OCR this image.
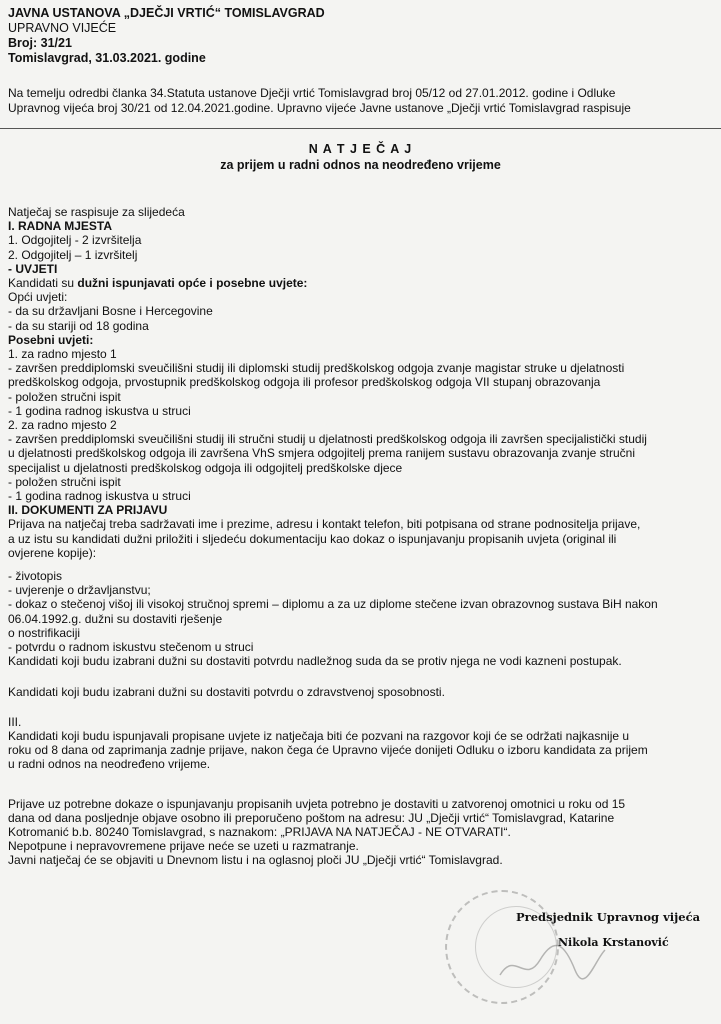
JAVNA USTANOVA „DJEČJI VRTIĆ“ TOMISLAVGRAD
UPRAVNO VIJEĆE
Broj: 31/21
Tomislavgrad, 31.03.2021. godine
Na temelju odredbi članka 34.Statuta ustanove Dječji vrtić Tomislavgrad broj 05/12 od 27.01.2012. godine i Odluke
Upravnog vijeća broj 30/21 od 12.04.2021.godine. Upravno vijeće Javne ustanove „Dječji vrtić Tomislavgrad raspisuje
N A T J E Č A J
za prijem u radni odnos na neodređeno vrijeme
Natječaj se raspisuje za slijedeća
I. RADNA MJESTA
1. Odgojitelj - 2 izvršitelja
2. Odgojitelj – 1 izvršitelj
- UVJETI
Kandidati su dužni ispunjavati opće i posebne uvjete:
Opći uvjeti:
- da su državljani Bosne i Hercegovine
- da su stariji od 18 godina
Posebni uvjeti:
1. za radno mjesto 1
- završen preddiplomski sveučilišni studij ili diplomski studij predškolskog odgoja zvanje magistar struke u djelatnosti
predškolskog odgoja, prvostupnik predškolskog odgoja ili profesor predškolskog odgoja VII stupanj obrazovanja
- položen stručni ispit
- 1 godina radnog iskustva u struci
2. za radno mjesto 2
- završen preddiplomski sveučilišni studij ili stručni studij u djelatnosti predškolskog odgoja ili završen specijalistički studij
u djelatnosti predškolskog odgoja ili završena VhS smjera odgojitelj prema ranijem sustavu obrazovanja zvanje stručni
specijalist u djelatnosti predškolskog odgoja ili odgojitelj predškolske djece
- položen stručni ispit
- 1 godina radnog iskustva u struci
II. DOKUMENTI ZA PRIJAVU
Prijava na natječaj treba sadržavati ime i prezime, adresu i kontakt telefon, biti potpisana od strane podnositelja prijave,
a uz istu su kandidati dužni priložiti i sljedeću dokumentaciju kao dokaz o ispunjavanju propisanih uvjeta (original ili
ovjerene kopije):
- životopis
- uvjerenje o državljanstvu;
- dokaz o stečenoj višoj ili visokoj stručnoj spremi – diplomu a za uz diplome stečene izvan obrazovnog sustava BiH nakon
06.04.1992.g. dužni su dostaviti rješenje
o nostrifikaciji
- potvrdu o radnom iskustvu stečenom u struci
Kandidati koji budu izabrani dužni su dostaviti potvrdu nadležnog suda da se protiv njega ne vodi kazneni postupak.
Kandidati koji budu izabrani dužni su dostaviti potvrdu o zdravstvenoj sposobnosti.
III.
Kandidati koji budu ispunjavali propisane uvjete iz natječaja biti će pozvani na razgovor koji će se održati najkasnije u
roku od 8 dana od zaprimanja zadnje prijave, nakon čega će Upravno vijeće donijeti Odluku o izboru kandidata za prijem
u radni odnos na neodređeno vrijeme.
Prijave uz potrebne dokaze o ispunjavanju propisanih uvjeta potrebno je dostaviti u zatvorenoj omotnici u roku od 15
dana od dana posljednje objave osobno ili preporučeno poštom na adresu: JU „Dječji vrtić“ Tomislavgrad, Katarine
Kotromanić b.b. 80240 Tomislavgrad, s naznakom: „PRIJAVA NA NATJEČAJ - NE OTVARATI“.
Nepotpune i nepravovremene prijave neće se uzeti u razmatranje.
Javni natječaj će se objaviti u Dnevnom listu i na oglasnoj ploči JU „Dječji vrtić“ Tomislavgrad.
Predsjednik Upravnog vijeća
Nikola Krstanović
